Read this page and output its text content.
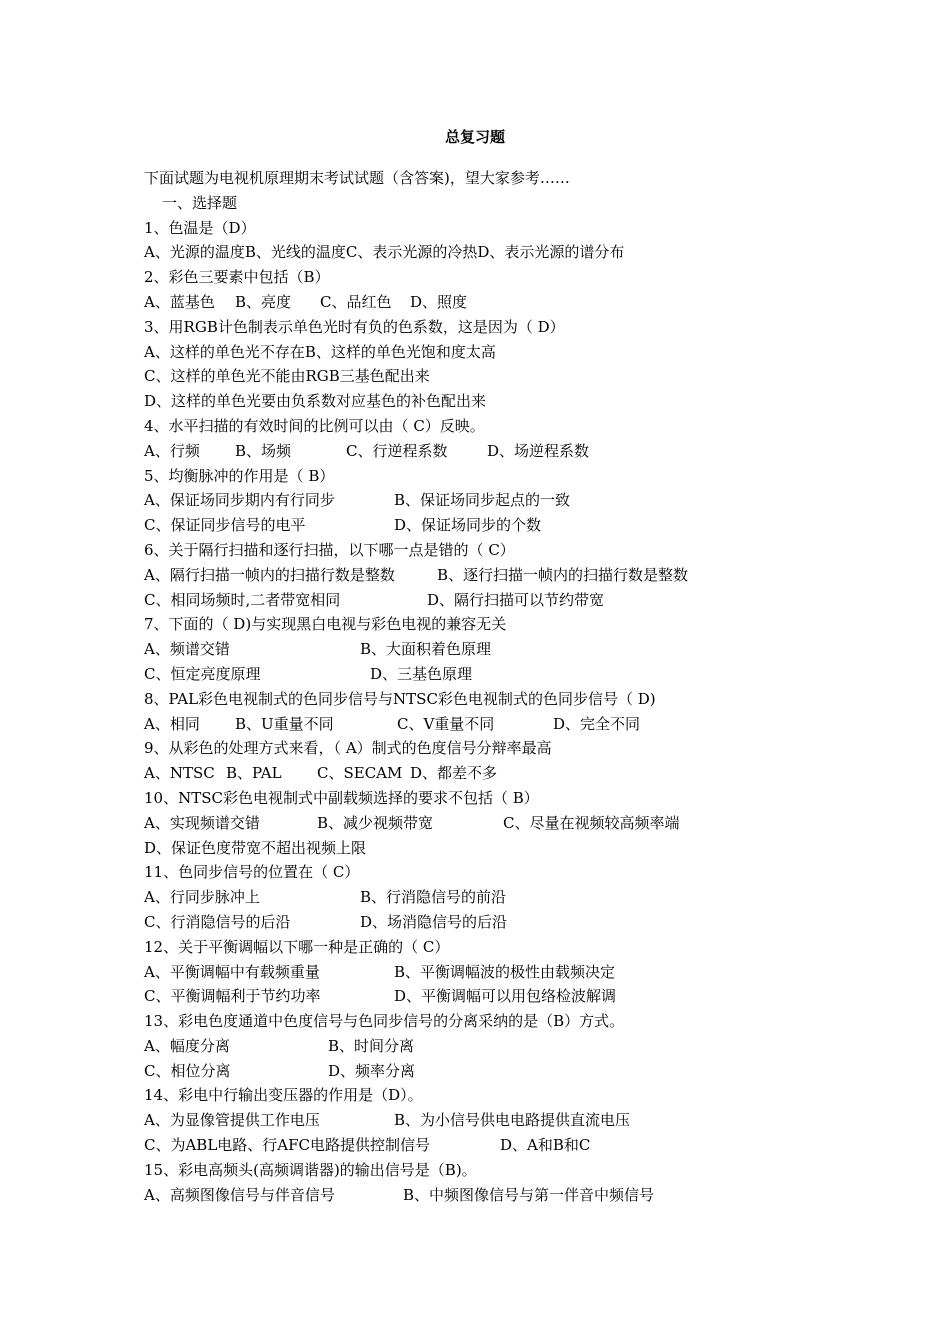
总复习题
下面试题为电视机原理期末考试试题（含答案)，望大家参考……
一、选择题
1、色温是（D）
A、光源的温度B、光线的温度C、表示光源的冷热D、表示光源的谱分布
2、彩色三要素中包括（B）
A、蓝基色 B、亮度 C、品红色 D、照度
3、用RGB计色制表示单色光时有负的色系数，这是因为（ D）
A、这样的单色光不存在B、这样的单色光饱和度太高
C、这样的单色光不能由RGB三基色配出来
D、这样的单色光要由负系数对应基色的补色配出来
4、水平扫描的有效时间的比例可以由（ C）反映。
A、行频 B、场频	C、行逆程系数	D、场逆程系数
5、均衡脉冲的作用是（ B）
A、保证场同步期内有行同步	B、保证场同步起点的一致
C、保证同步信号的电平	D、保证场同步的个数
6、关于隔行扫描和逐行扫描，以下哪一点是错的（ C）
A、隔行扫描一帧内的扫描行数是整数	B、逐行扫描一帧内的扫描行数是整数
C、相同场频时,二者带宽相同	D、隔行扫描可以节约带宽
7、下面的（ D)与实现黑白电视与彩色电视的兼容无关
A、频谱交错	B、大面积着色原理
C、恒定亮度原理	D、三基色原理
8、PAL彩色电视制式的色同步信号与NTSC彩色电视制式的色同步信号（ D)
A、相同 B、U重量不同	C、V重量不同	D、完全不同
9、从彩色的处理方式来看，（ A）制式的色度信号分辩率最高
A、NTSC B、PAL C、SECAM D、都差不多
10、NTSC彩色电视制式中副载频选择的要求不包括（ B）
A、实现频谱交错	B、减少视频带宽	C、尽量在视频较高频率端
D、保证色度带宽不超出视频上限
11、色同步信号的位置在（ C）
A、行同步脉冲上	B、行消隐信号的前沿
C、行消隐信号的后沿	D、场消隐信号的后沿
12、关于平衡调幅以下哪一种是正确的（ C）
A、平衡调幅中有载频重量	B、平衡调幅波的极性由载频决定
C、平衡调幅利于节约功率	D、平衡调幅可以用包络检波解调
13、彩电色度通道中色度信号与色同步信号的分离采纳的是（B）方式。
A、幅度分离	B、时间分离
C、相位分离	D、频率分离
14、彩电中行输出变压器的作用是（D）。
A、为显像管提供工作电压	B、为小信号供电电路提供直流电压
C、为ABL电路、行AFC电路提供控制信号	D、A和B和C
15、彩电高频头(高频调谐器)的输出信号是（B)。
A、高频图像信号与伴音信号	B、中频图像信号与第一伴音中频信号
